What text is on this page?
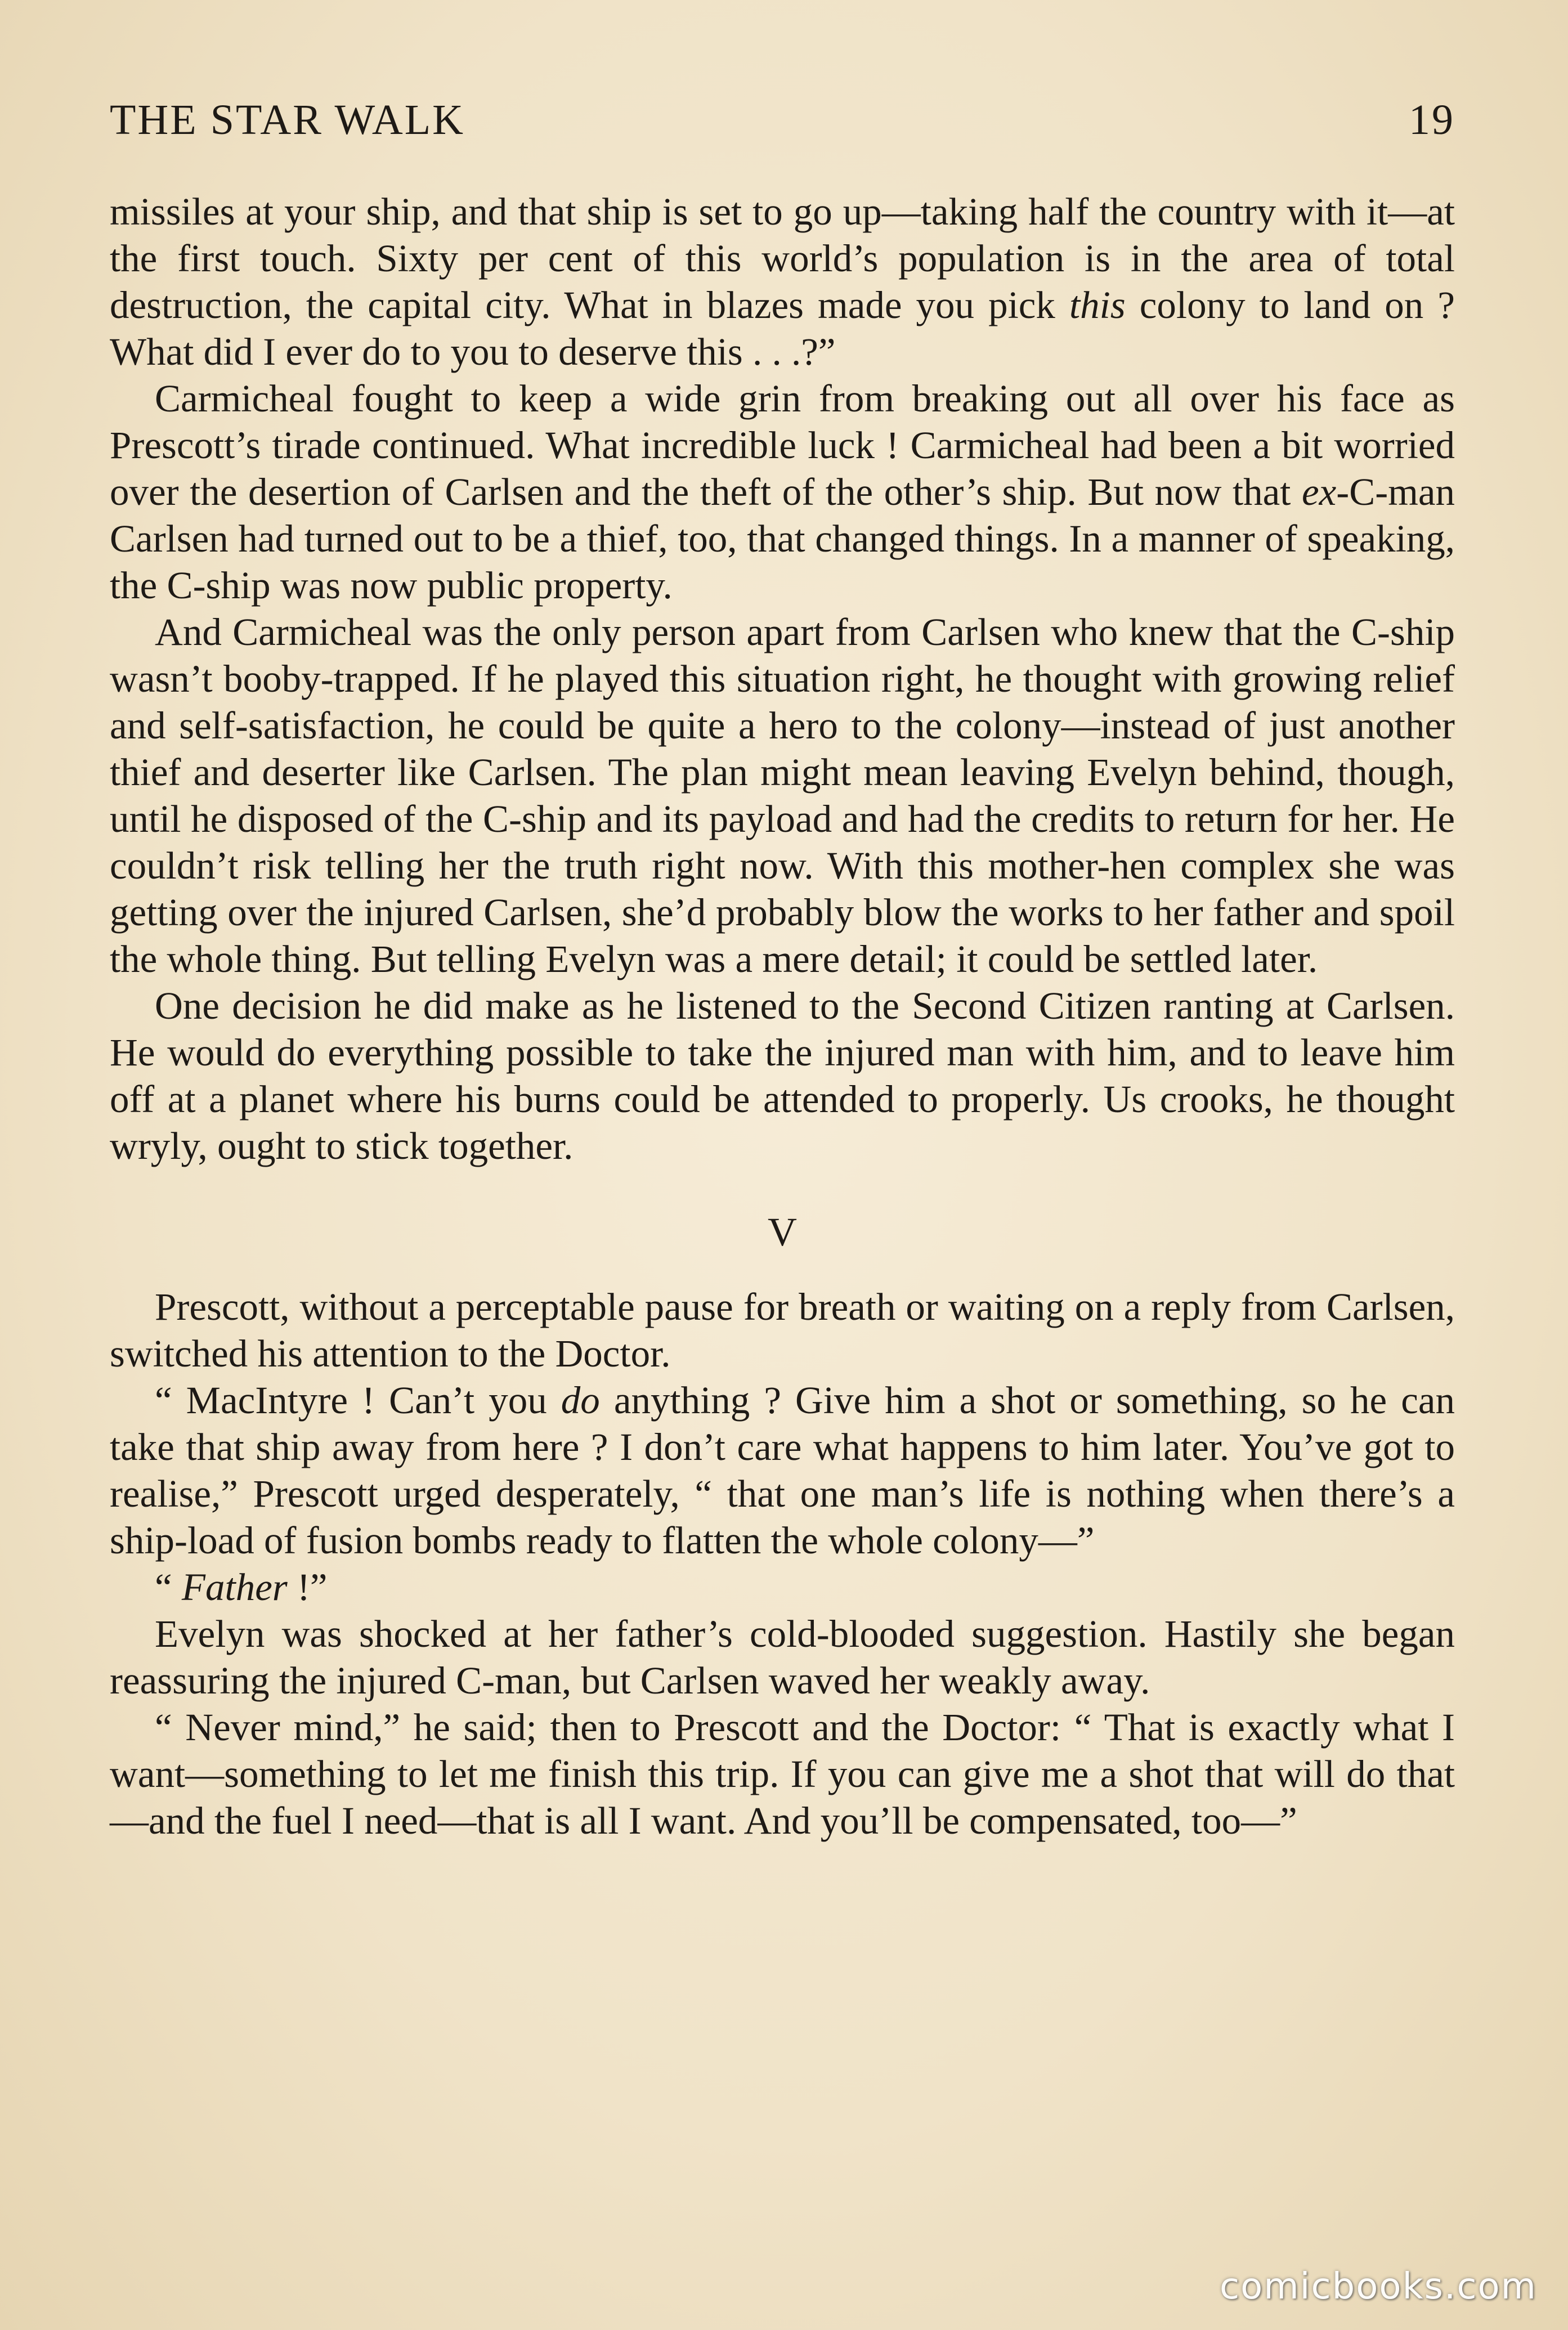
THE STAR WALK	19

missiles at your ship, and that ship is set to go up—taking half the country with it—at the first touch. Sixty per cent of this world’s population is in the area of total destruction, the capital city. What in blazes made you pick this colony to land on ? What did I ever do to you to deserve this . . .?”

Carmicheal fought to keep a wide grin from breaking out all over his face as Prescott’s tirade continued. What incredible luck ! Carmicheal had been a bit worried over the desertion of Carlsen and the theft of the other’s ship. But now that ex-C-man Carlsen had turned out to be a thief, too, that changed things. In a manner of speaking, the C-ship was now public property.

And Carmicheal was the only person apart from Carlsen who knew that the C-ship wasn’t booby-trapped. If he played this situation right, he thought with growing relief and self-satisfaction, he could be quite a hero to the colony—instead of just another thief and deserter like Carlsen. The plan might mean leaving Evelyn behind, though, until he disposed of the C-ship and its payload and had the credits to return for her. He couldn’t risk telling her the truth right now. With this mother-hen complex she was getting over the injured Carlsen, she’d probably blow the works to her father and spoil the whole thing. But telling Evelyn was a mere detail; it could be settled later.

One decision he did make as he listened to the Second Citizen ranting at Carlsen. He would do everything possible to take the injured man with him, and to leave him off at a planet where his burns could be attended to properly. Us crooks, he thought wryly, ought to stick together.

V

Prescott, without a perceptable pause for breath or waiting on a reply from Carlsen, switched his attention to the Doctor.

“ MacIntyre ! Can’t you do anything ? Give him a shot or something, so he can take that ship away from here ? I don’t care what happens to him later. You’ve got to realise,” Prescott urged desperately, “ that one man’s life is nothing when there’s a ship-load of fusion bombs ready to flatten the whole colony—”

“ Father !”

Evelyn was shocked at her father’s cold-blooded suggestion. Hastily she began reassuring the injured C-man, but Carlsen waved her weakly away.

“ Never mind,” he said; then to Prescott and the Doctor: “ That is exactly what I want—something to let me finish this trip. If you can give me a shot that will do that—and the fuel I need—that is all I want. And you’ll be compensated, too—”

comicbooks.com
